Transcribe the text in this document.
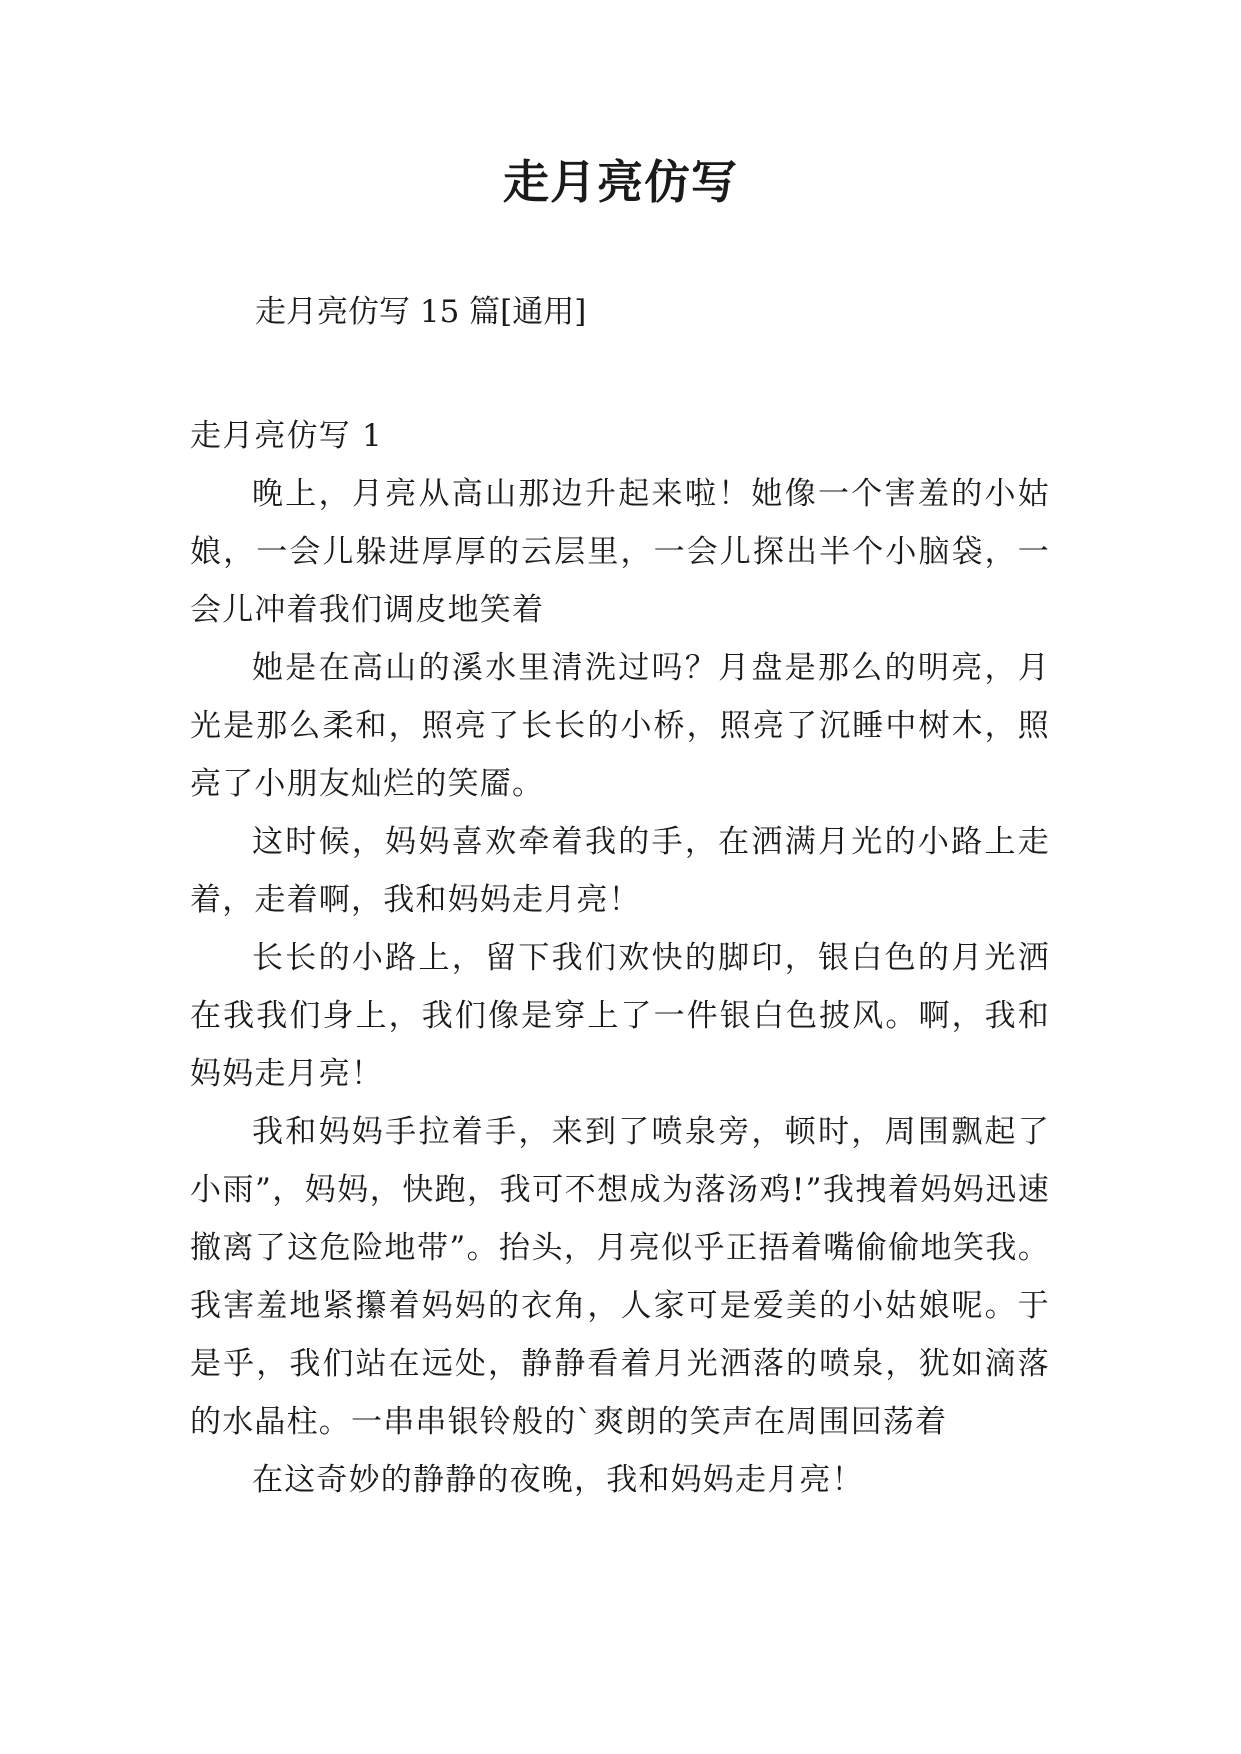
走月亮仿写

走月亮仿写 15 篇[通用]

走月亮仿写 1

晚上，月亮从高山那边升起来啦！她像一个害羞的小姑娘，一会儿躲进厚厚的云层里，一会儿探出半个小脑袋，一会儿冲着我们调皮地笑着

她是在高山的溪水里清洗过吗？月盘是那么的明亮，月光是那么柔和，照亮了长长的小桥，照亮了沉睡中树木，照亮了小朋友灿烂的笑靥。

这时候，妈妈喜欢牵着我的手，在洒满月光的小路上走着，走着啊，我和妈妈走月亮！

长长的小路上，留下我们欢快的脚印，银白色的月光洒在我我们身上，我们像是穿上了一件银白色披风。啊，我和妈妈走月亮！

我和妈妈手拉着手，来到了喷泉旁，顿时，周围飘起了小雨”，妈妈，快跑，我可不想成为落汤鸡!”我拽着妈妈迅速撤离了这危险地带”。抬头，月亮似乎正捂着嘴偷偷地笑我。我害羞地紧攥着妈妈的衣角，人家可是爱美的小姑娘呢。于是乎，我们站在远处，静静看着月光洒落的喷泉，犹如滴落的水晶柱。一串串银铃般的`爽朗的笑声在周围回荡着

在这奇妙的静静的夜晚，我和妈妈走月亮！
